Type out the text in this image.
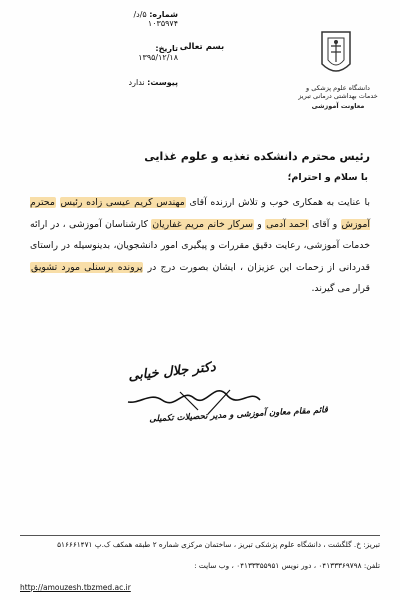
دانشگاه علوم پزشکی و خدمات بهداشتی درمانی تبریز
معاونت آموزشی
بسم تعالی
شماره: ۵/د/۱۰۳۵۹۷۴
تاریخ: ۱۳۹۵/۱۲/۱۸
پیوست: ندارد
رئیس محترم دانشکده تغذیه و علوم غذایی
با سلام و احترام؛
با عنایت به همکاری خوب و تلاش ارزنده آقای مهندس کریم عیسی زاده رئیس محترم آموزش و آقای احمد آدمی و سرکار خانم مریم غفاریان کارشناسان آموزشی ، در ارائه خدمات آموزشی، رعایت دقیق مقررات و پیگیری امور دانشجویان، بدینوسیله در راستای قدردانی از زحمات این عزیزان ، ایشان بصورت درج در پرونده پرسنلی مورد تشویق قرار می گیرند.
دکتر جلال خیابی
قائم مقام معاون آموزشی و مدیر تحصیلات تکمیلی
تبریز: خ. گلگشت ، دانشگاه علوم پزشکی تبریز ، ساختمان مرکزی شماره ۲ طبقه همکف ک.پ ۵۱۶۶۶۱۴۷۱
تلفن: ۰۴۱۳۳۳۶۹۷۹۸ ، دور نویس ۰۴۱۳۳۳۵۵۹۵۱ ، وب سایت :
http://amouzesh.tbzmed.ac.ir
